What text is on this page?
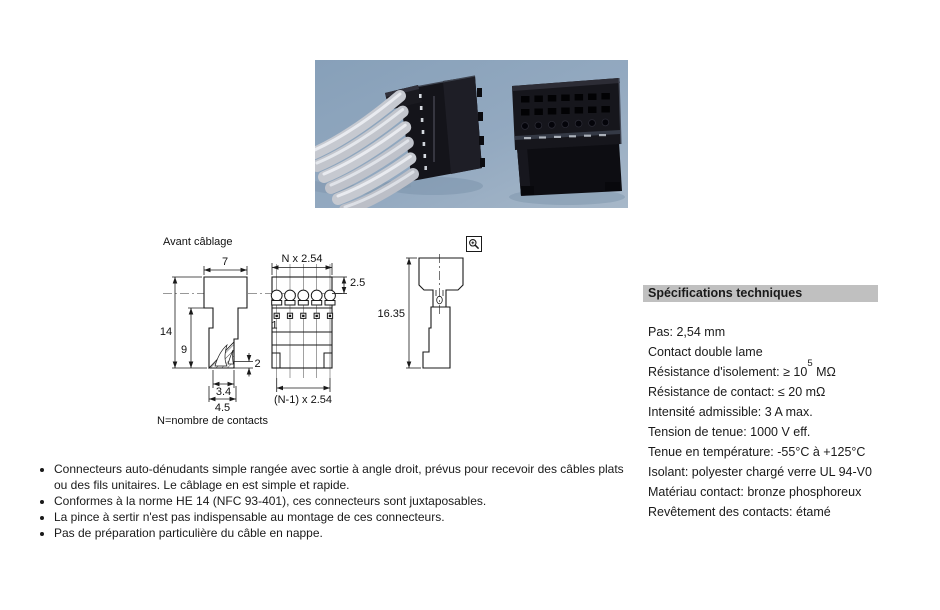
Avant câblage
N=nombre de contacts
7
14
9
2
3.4
4.5
N x 2.54
2.5
(N-1) x 2.54
1
16.35
Spécifications techniques
Pas: 2,54 mm
Contact double lame
Résistance d'isolement: ≥ $10^5$ MΩ
Résistance de contact: ≤ 20 mΩ
Intensité admissible: 3 A max.
Tension de tenue: 1000 V eff.
Tenue en température: -55°C à +125°C
Isolant: polyester chargé verre UL 94-V0
Matériau contact: bronze phosphoreux
Revêtement des contacts: étamé
• Connecteurs auto-dénudants simple rangée avec sortie à angle droit, prévus pour recevoir des câbles plats ou des fils unitaires. Le câblage en est simple et rapide.
• Conformes à la norme HE 14 (NFC 93-401), ces connecteurs sont juxtaposables.
• La pince à sertir n'est pas indispensable au montage de ces connecteurs.
• Pas de préparation particulière du câble en nappe.
